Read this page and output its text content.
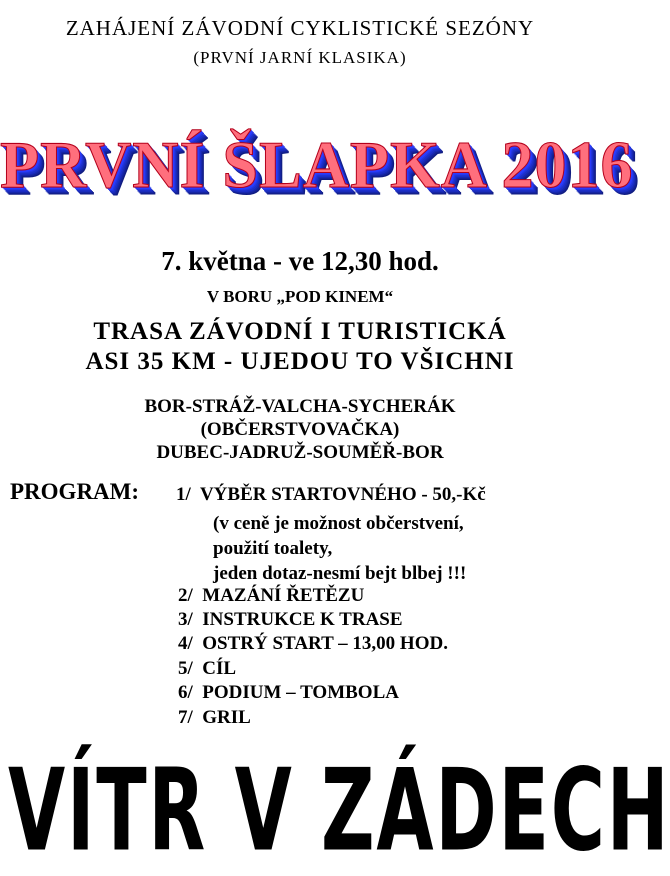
ZAHÁJENÍ ZÁVODNÍ CYKLISTICKÉ SEZÓNY
(PRVNÍ JARNÍ KLASIKA)
PRVNÍ ŠLAPKA 2016
7. května - ve 12,30 hod.
V BORU „POD KINEM“
TRASA ZÁVODNÍ I TURISTICKÁ
ASI 35 KM - UJEDOU TO VŠICHNI
BOR-STRÁŽ-VALCHA-SYCHERÁK
(OBČERSTVOVAČKA)
DUBEC-JADRUŽ-SOUMĚŘ-BOR
PROGRAM: 1/ VÝBĚR STARTOVNÉHO - 50,-Kč
(v ceně je možnost občerstvení,
použití toalety,
jeden dotaz-nesmí bejt blbej !!!
2/ MAZÁNÍ ŘETĚZU
3/ INSTRUKCE K TRASE
4/ OSTRÝ START – 13,00 HOD.
5/ CÍL
6/ PODIUM – TOMBOLA
7/ GRIL
VÍTR V ZÁDECH
